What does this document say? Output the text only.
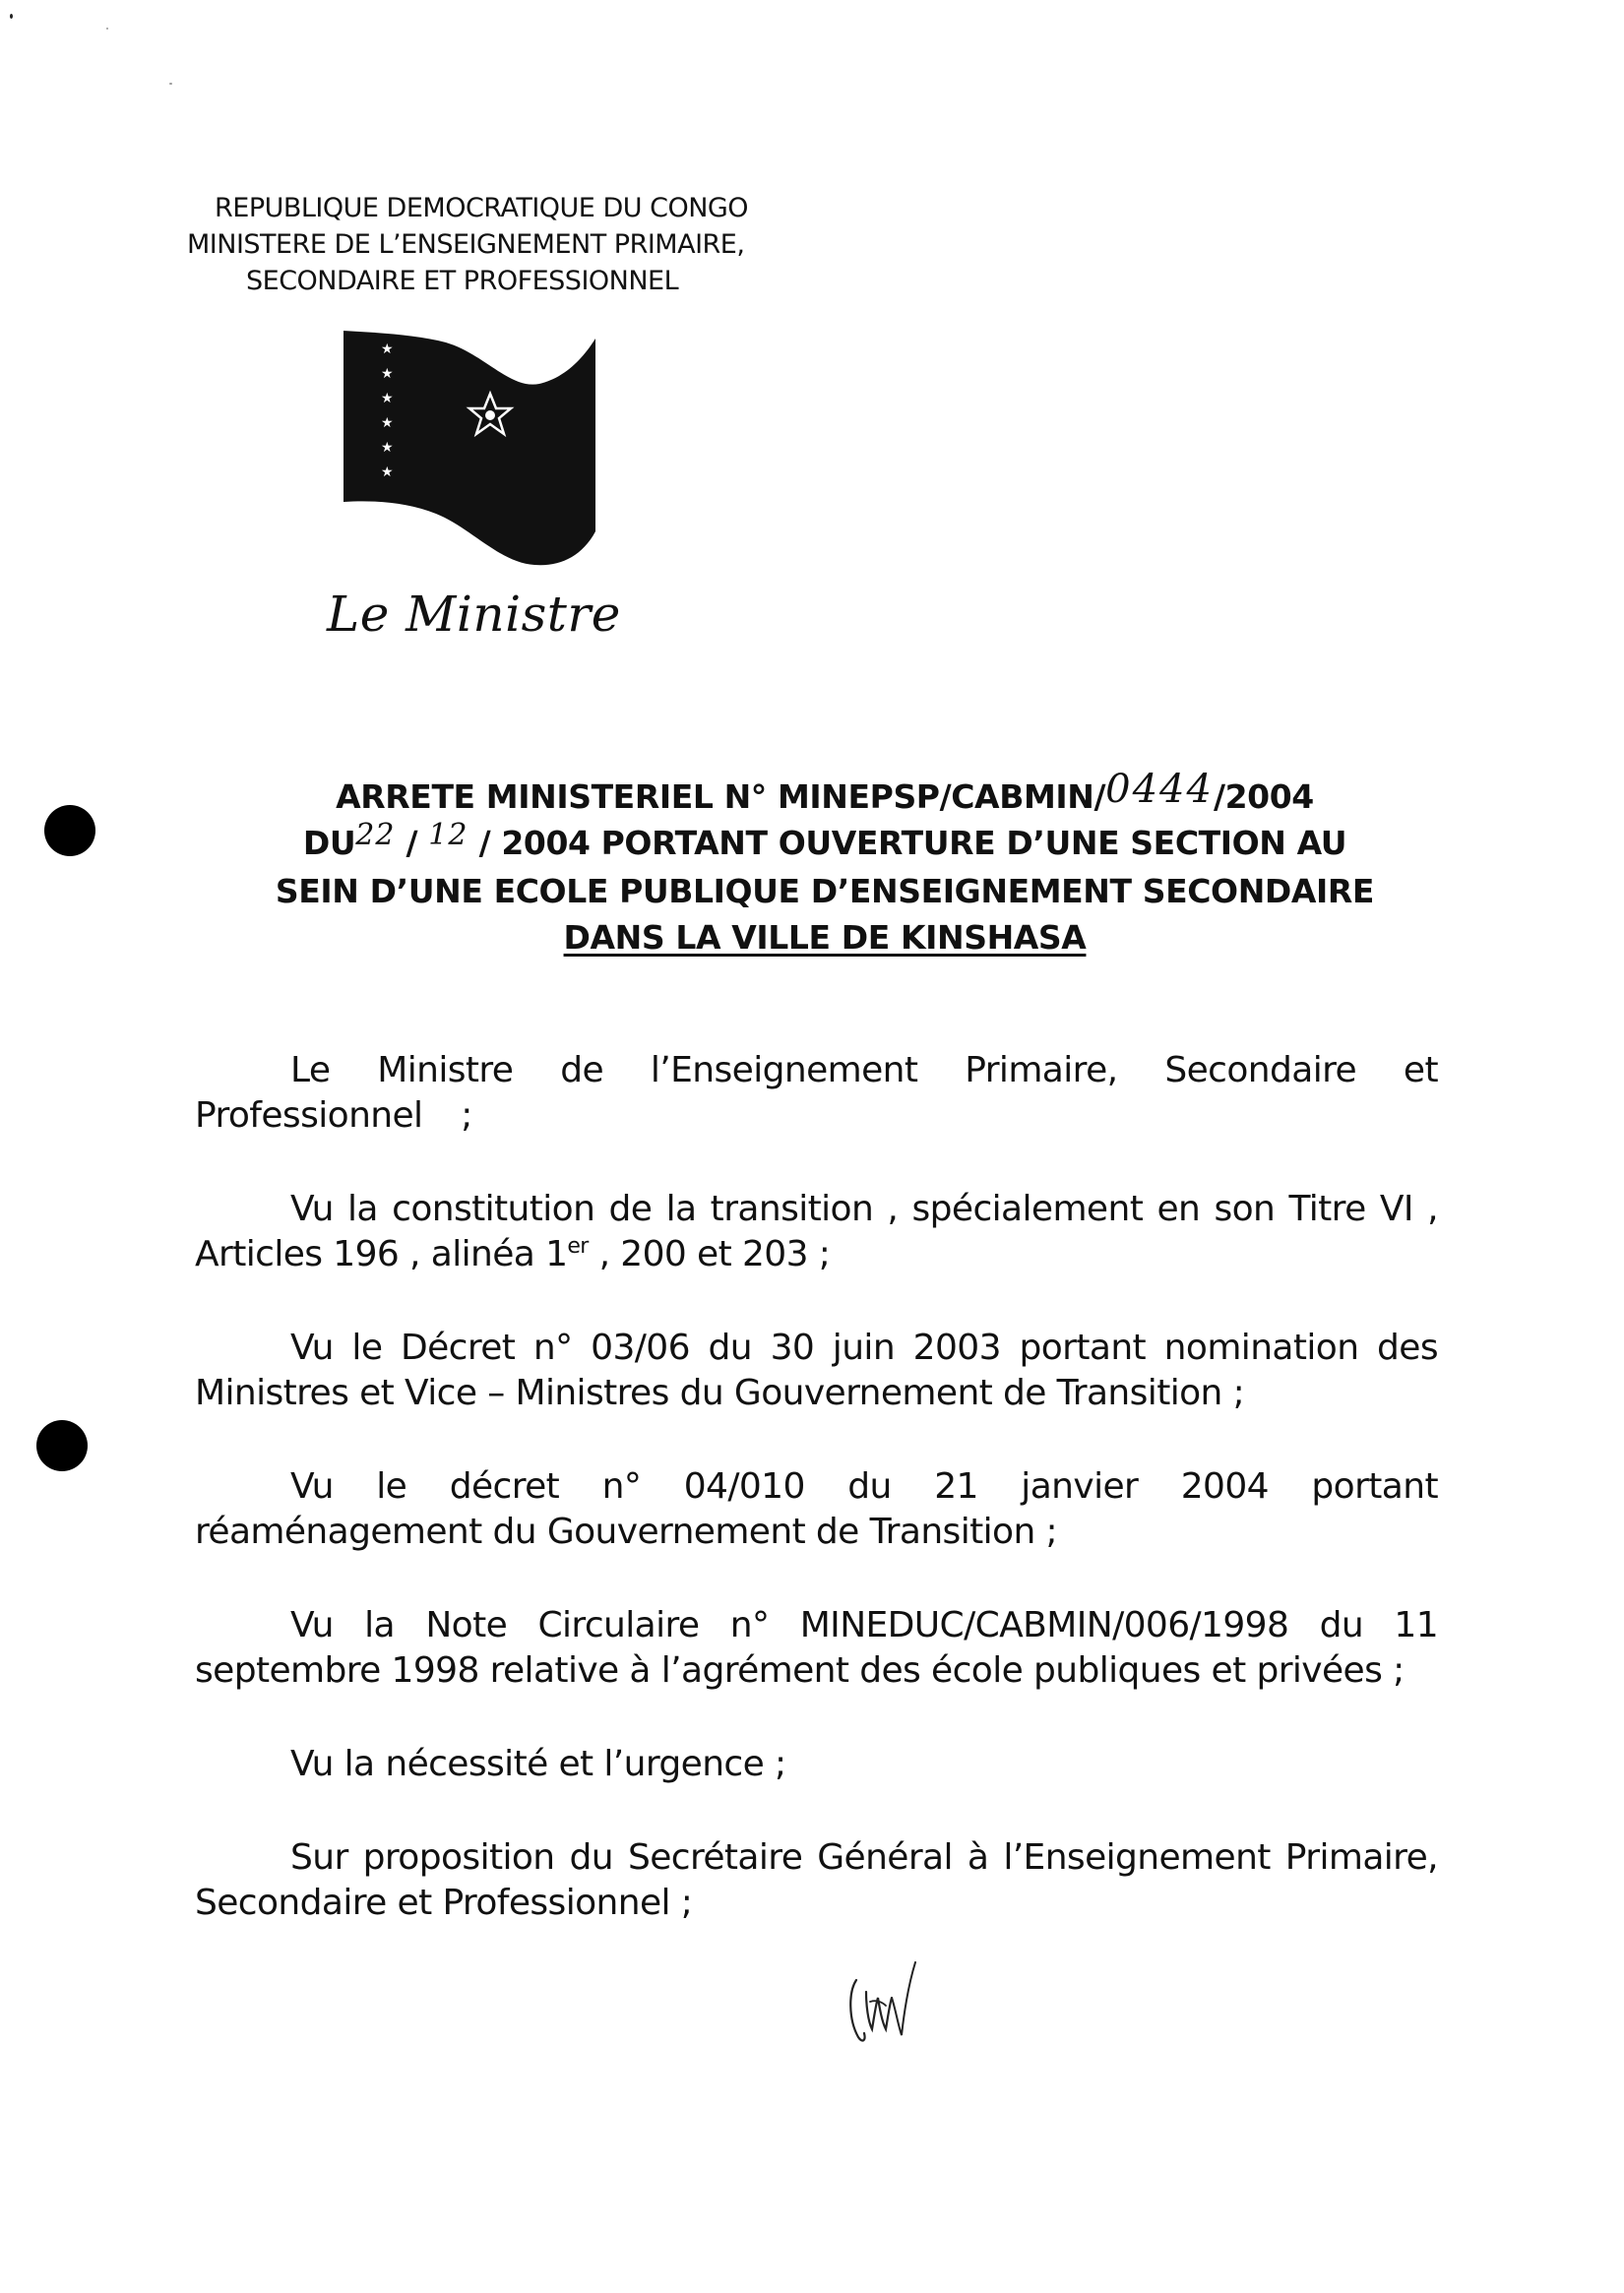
REPUBLIQUE DEMOCRATIQUE DU CONGO
MINISTERE DE L’ENSEIGNEMENT PRIMAIRE,
SECONDAIRE ET PROFESSIONNEL
★
★
★
★
★
★
Le Ministre
ARRETE MINISTERIEL N° MINEPSP/CABMIN/0444/2004
DU22 / 12 / 2004 PORTANT OUVERTURE D’UNE SECTION AU
SEIN D’UNE ECOLE PUBLIQUE D’ENSEIGNEMENT SECONDAIRE
DANS LA VILLE DE KINSHASA

Le Ministre de l’Enseignement Primaire, Secondaire et Professionnel ;

Vu la constitution de la transition , spécialement en son Titre VI , Articles 196 , alinéa 1er , 200 et 203 ;

Vu le Décret n° 03/06 du 30 juin 2003 portant nomination des Ministres et Vice – Ministres du Gouvernement de Transition ;

Vu le décret n° 04/010 du 21 janvier 2004 portant réaménagement du Gouvernement de Transition ;

Vu la Note Circulaire n° MINEDUC/CABMIN/006/1998 du 11 septembre 1998 relative à l’agrément des école publiques et privées ;

Vu la nécessité et l’urgence ;

Sur proposition du Secrétaire Général à l’Enseignement Primaire, Secondaire et Professionnel ;
